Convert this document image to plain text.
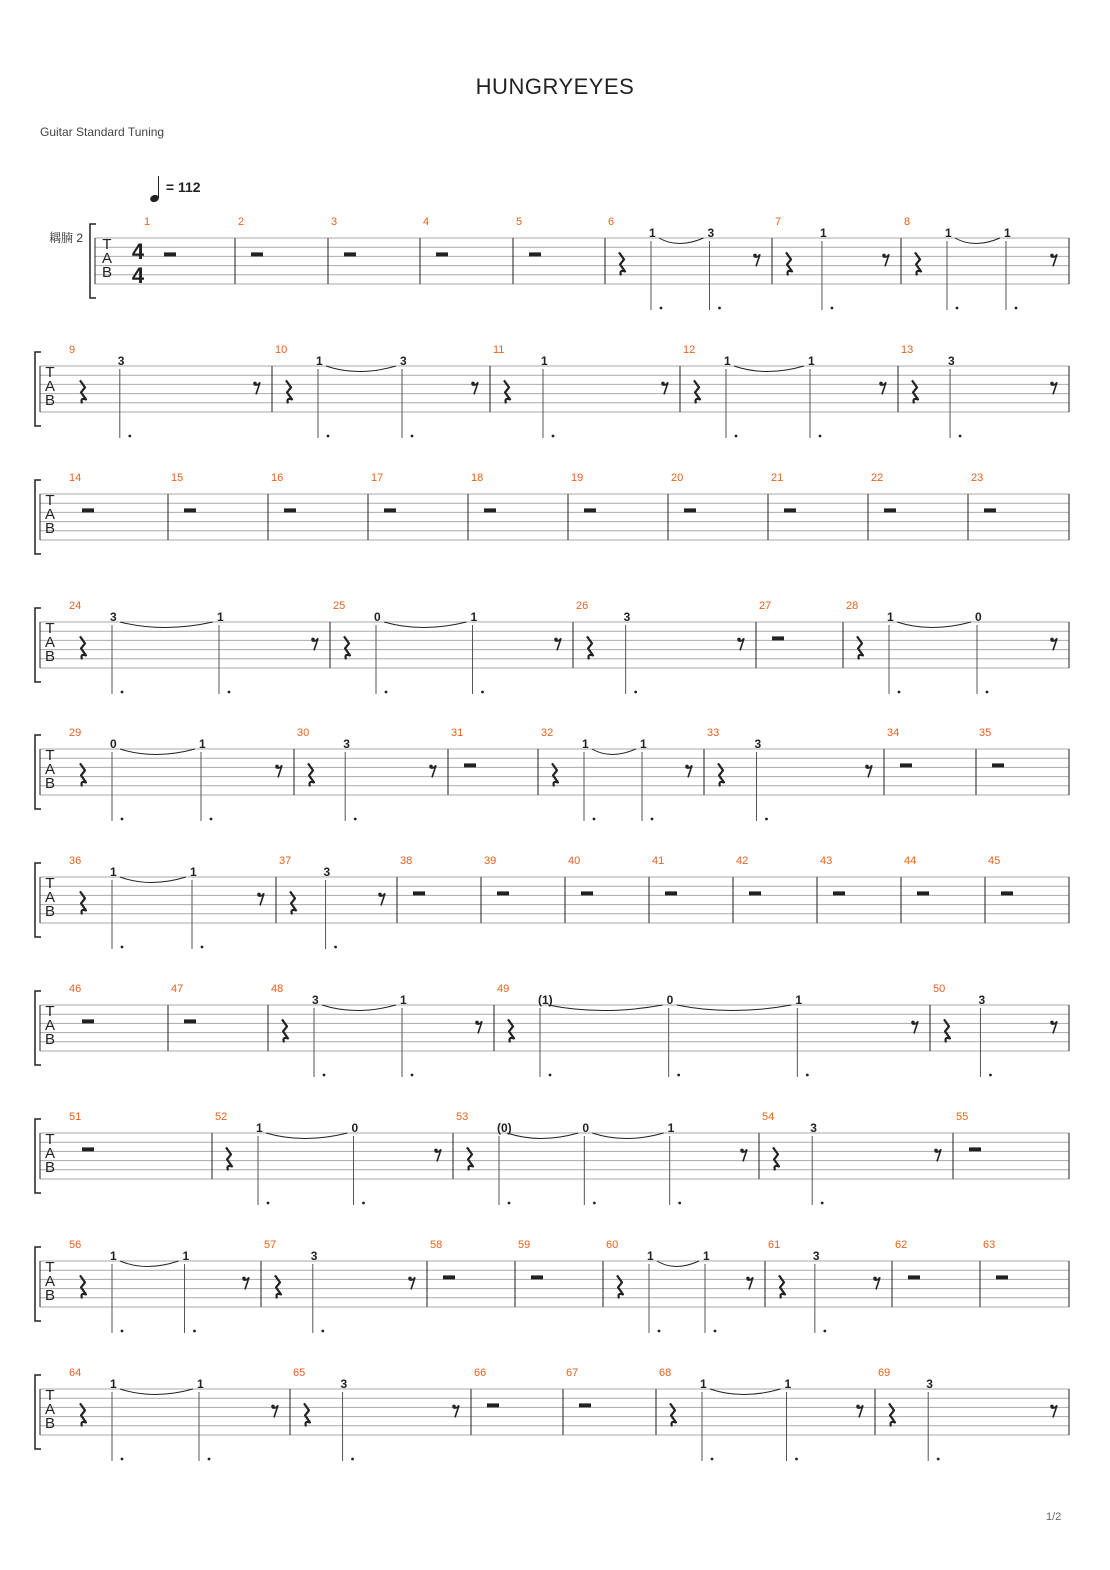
HUNGRYEYES
Guitar Standard Tuning
= 112
耦腩 2 T
A
B
4
4
1	2	3	4	5	6
1	3
7
1
8
1	1
T
A
B
9
3
10
1	3
11
1
12
1	1
13
3
T
A
B
14	15	16	17	18	19	20	21	22	23
T
A
B
24
3	1
25
0	1
26
3
27	28
1	0
T
A
B
29
0	1
30
3
31	32
1	1
33
3
34	35
T
A
B
36
1	1
37
3
38	39	40	41	42	43	44	45
T
A
B
46	47	48
3	1
49
(1)	0	1
50
3
T
A
B
51	52
1	0
53
(0)	0	1
54
3
55
T
A
B
56
1	1
57
3
58	59	60
1	1
61
3
62	63
T
A
B
64
1	1
65
3
66	67	68
1	1
69
3
1/2
